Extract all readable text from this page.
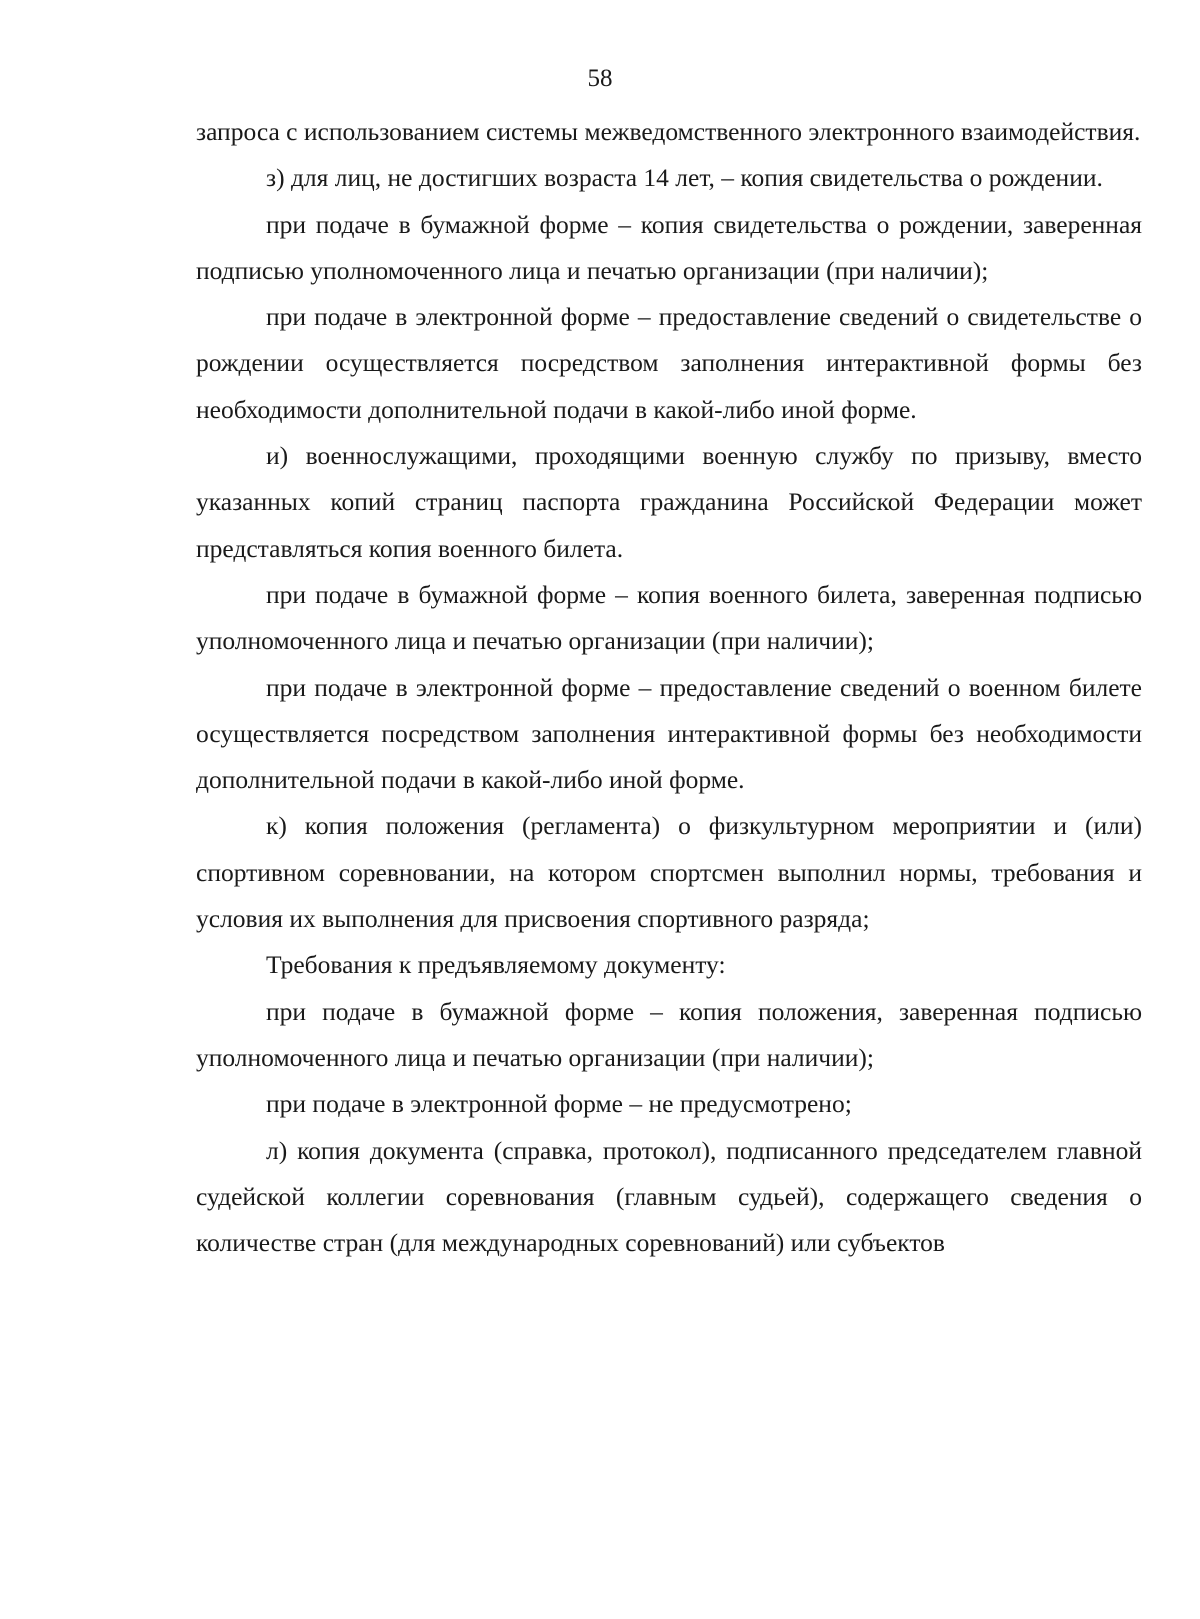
58

запроса с использованием системы межведомственного электронного взаимодействия.

з) для лиц, не достигших возраста 14 лет, – копия свидетельства о рождении.

при подаче в бумажной форме – копия свидетельства о рождении, заверенная подписью уполномоченного лица и печатью организации (при наличии);

при подаче в электронной форме – предоставление сведений о свидетельстве о рождении осуществляется посредством заполнения интерактивной формы без необходимости дополнительной подачи в какой-либо иной форме.

и) военнослужащими, проходящими военную службу по призыву, вместо указанных копий страниц паспорта гражданина Российской Федерации может представляться копия военного билета.

при подаче в бумажной форме – копия военного билета, заверенная подписью уполномоченного лица и печатью организации (при наличии);

при подаче в электронной форме – предоставление сведений о военном билете осуществляется посредством заполнения интерактивной формы без необходимости дополнительной подачи в какой-либо иной форме.

к) копия положения (регламента) о физкультурном мероприятии и (или) спортивном соревновании, на котором спортсмен выполнил нормы, требования и условия их выполнения для присвоения спортивного разряда;

Требования к предъявляемому документу:

при подаче в бумажной форме – копия положения, заверенная подписью уполномоченного лица и печатью организации (при наличии);

при подаче в электронной форме – не предусмотрено;

л) копия документа (справка, протокол), подписанного председателем главной судейской коллегии соревнования (главным судьей), содержащего сведения о количестве стран (для международных соревнований) или субъектов
